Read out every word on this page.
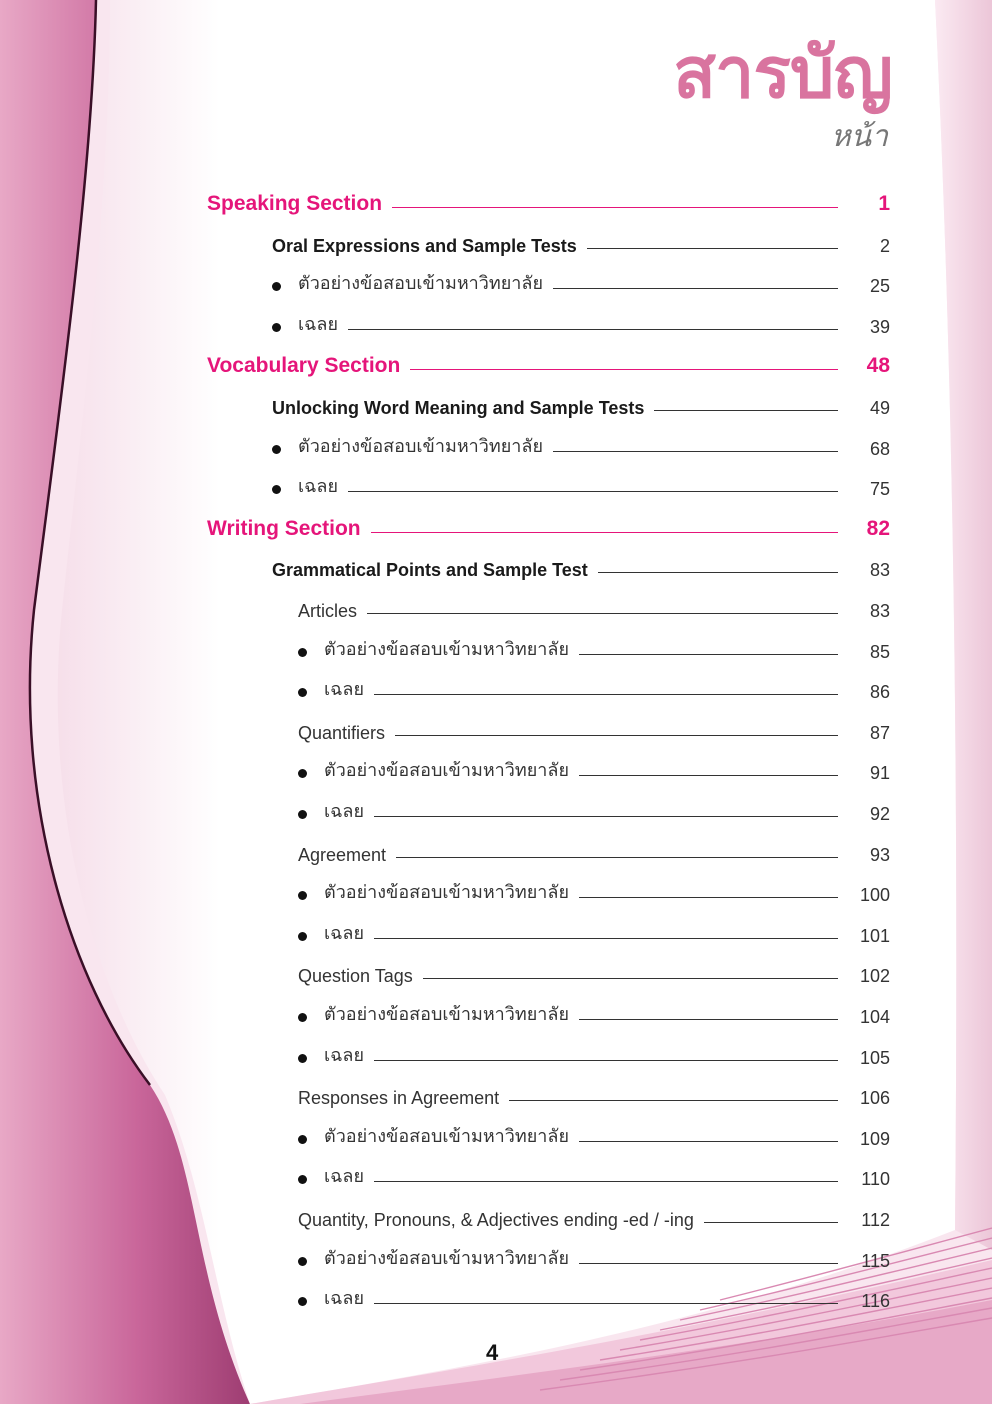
สารบัญ
หน้า
Speaking Section	1
Oral Expressions and Sample Tests	2
ตัวอย่างข้อสอบเข้ามหาวิทยาลัย	25
เฉลย	39
Vocabulary Section	48
Unlocking Word Meaning and Sample Tests	49
ตัวอย่างข้อสอบเข้ามหาวิทยาลัย	68
เฉลย	75
Writing Section	82
Grammatical Points and Sample Test	83
Articles	83
ตัวอย่างข้อสอบเข้ามหาวิทยาลัย	85
เฉลย	86
Quantifiers	87
ตัวอย่างข้อสอบเข้ามหาวิทยาลัย	91
เฉลย	92
Agreement	93
ตัวอย่างข้อสอบเข้ามหาวิทยาลัย	100
เฉลย	101
Question Tags	102
ตัวอย่างข้อสอบเข้ามหาวิทยาลัย	104
เฉลย	105
Responses in Agreement	106
ตัวอย่างข้อสอบเข้ามหาวิทยาลัย	109
เฉลย	110
Quantity, Pronouns, & Adjectives ending -ed / -ing	112
ตัวอย่างข้อสอบเข้ามหาวิทยาลัย	115
เฉลย	116
4
